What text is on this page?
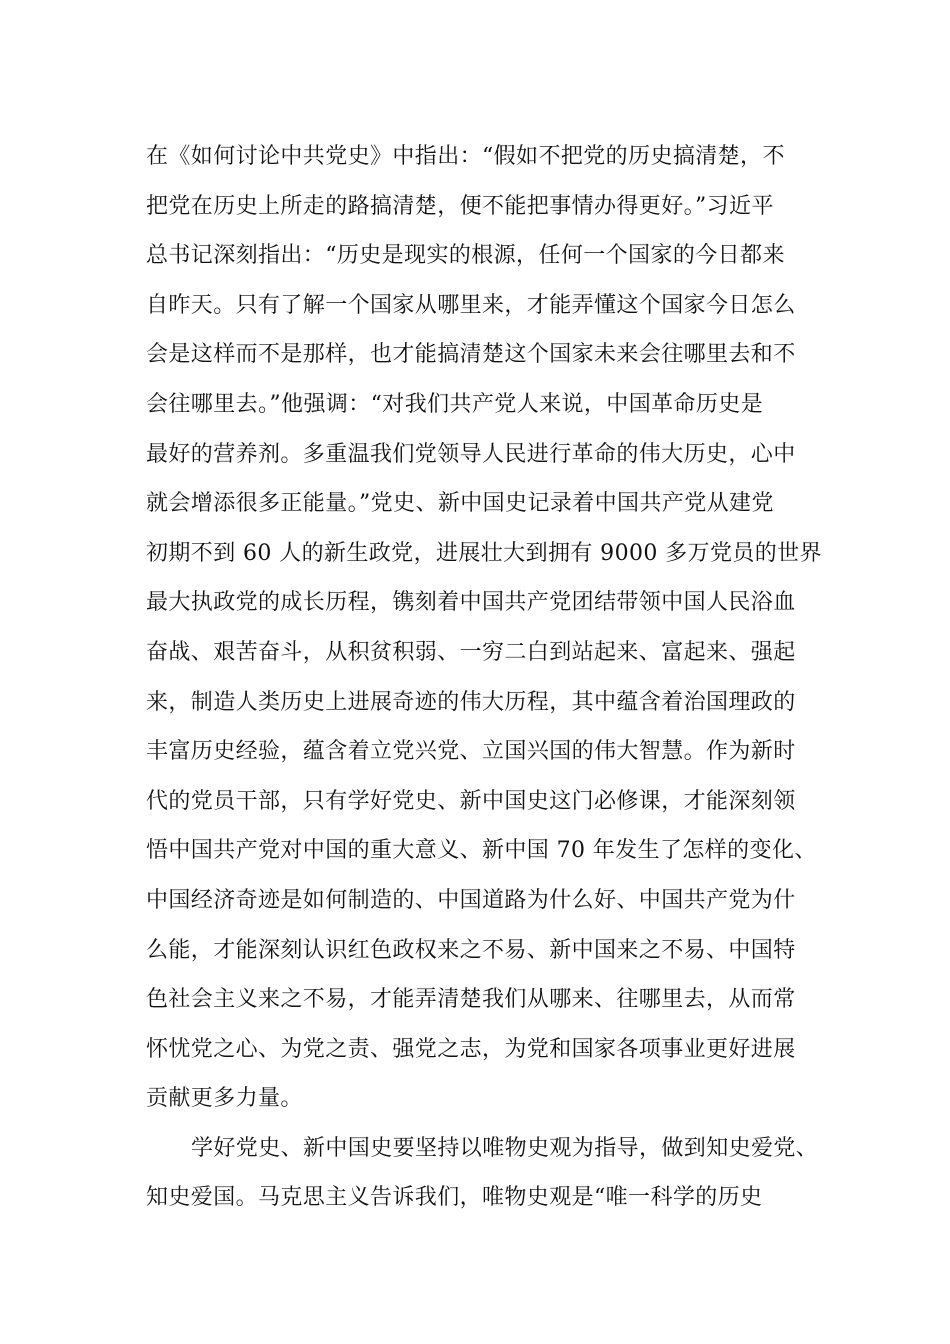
在《如何讨论中共党史》中指出：“假如不把党的历史搞清楚，不
把党在历史上所走的路搞清楚，便不能把事情办得更好。”习近平
总书记深刻指出：“历史是现实的根源，任何一个国家的今日都来
自昨天。只有了解一个国家从哪里来，才能弄懂这个国家今日怎么
会是这样而不是那样，也才能搞清楚这个国家未来会往哪里去和不
会往哪里去。”他强调：“对我们共产党人来说，中国革命历史是
最好的营养剂。多重温我们党领导人民进行革命的伟大历史，心中
就会增添很多正能量。”党史、新中国史记录着中国共产党从建党
初期不到 60 人的新生政党，进展壮大到拥有 9000 多万党员的世界
最大执政党的成长历程，镌刻着中国共产党团结带领中国人民浴血
奋战、艰苦奋斗，从积贫积弱、一穷二白到站起来、富起来、强起
来，制造人类历史上进展奇迹的伟大历程，其中蕴含着治国理政的
丰富历史经验，蕴含着立党兴党、立国兴国的伟大智慧。作为新时
代的党员干部，只有学好党史、新中国史这门必修课，才能深刻领
悟中国共产党对中国的重大意义、新中国 70 年发生了怎样的变化、
中国经济奇迹是如何制造的、中国道路为什么好、中国共产党为什
么能，才能深刻认识红色政权来之不易、新中国来之不易、中国特
色社会主义来之不易，才能弄清楚我们从哪来、往哪里去，从而常
怀忧党之心、为党之责、强党之志，为党和国家各项事业更好进展
贡献更多力量。
学好党史、新中国史要坚持以唯物史观为指导，做到知史爱党、
知史爱国。马克思主义告诉我们，唯物史观是“唯一科学的历史
